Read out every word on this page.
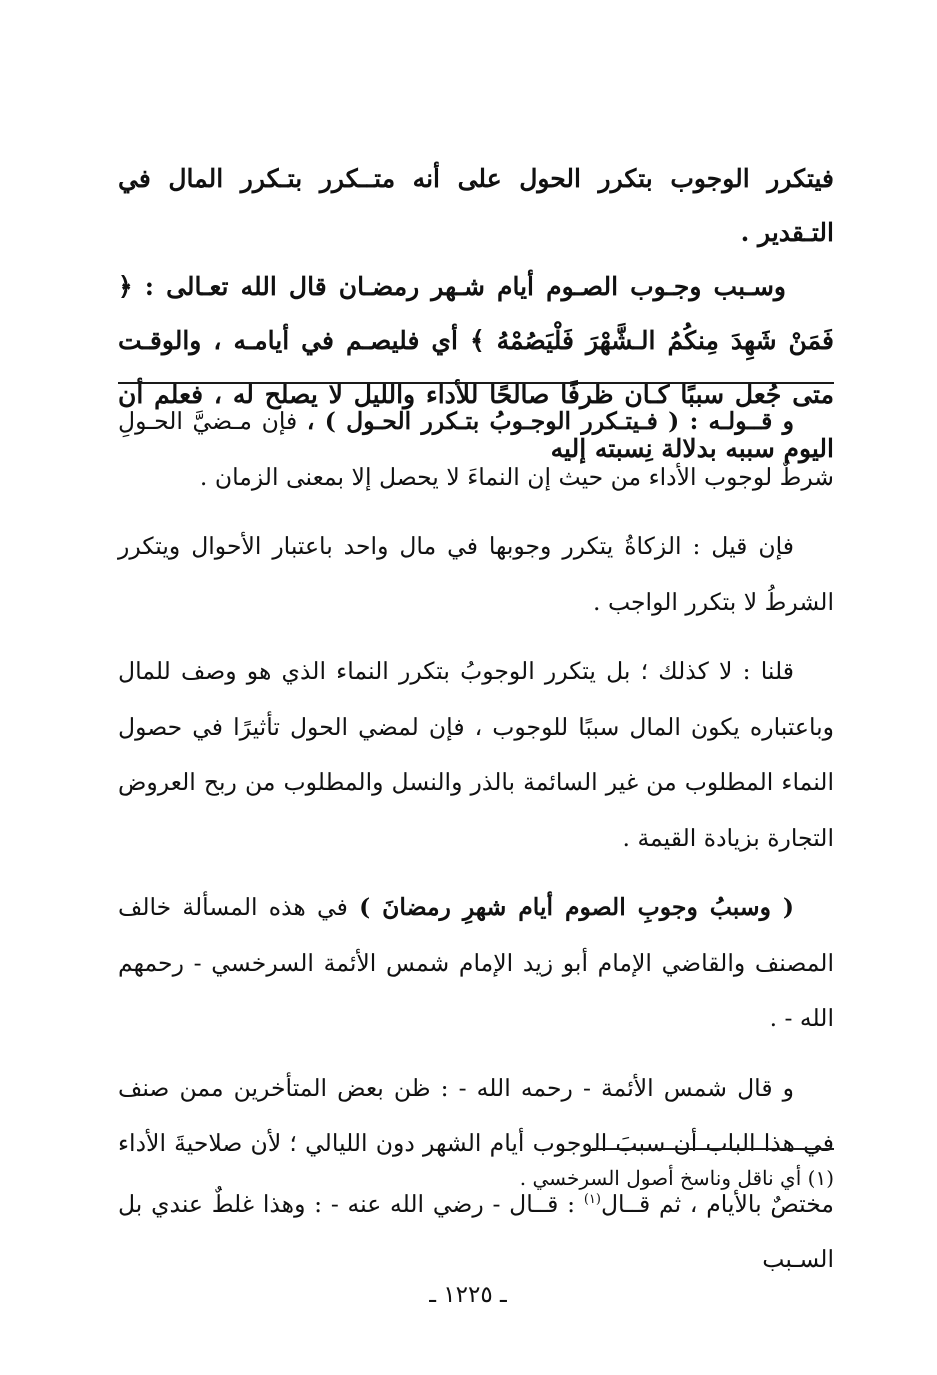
فيتكرر الوجوب بتكرر الحول على أنه متــكرر بتـكرر المال في التـقدير .

وسـبب وجـوب الصـوم أيام شـهر رمضـان قال الله تعـالى : ﴿ فَمَنْ شَهِدَ مِنكُمُ الـشَّهْرَ فَلْيَصُمْهُ ﴾ أي فليصـم في أيامـه ، والوقـت متى جُعل سببًا كـان ظرفًا صالحًا للأداء والليل لا يصلح له ، فعلم أن اليوم سببه بدلالة نِسبته إليه

و قــولـه : ( فـيتـكرر الوجـوبُ بتـكرر الحـول ) ، فإن مـضيَّ الحـولِ شرطٌ لوجوب الأداء من حيث إن النماءَ لا يحصل إلا بمعنى الزمان .

فإن قيل : الزكاةُ يتكرر وجوبها في مال واحد باعتبار الأحوال ويتكرر الشرطُ لا بتكرر الواجب .

قلنا : لا كذلك ؛ بل يتكرر الوجوبُ بتكرر النماء الذي هو وصف للمال وباعتباره يكون المال سببًا للوجوب ، فإن لمضي الحول تأثيرًا في حصول النماء المطلوب من غير السائمة بالذر والنسل والمطلوب من ربح العروض التجارة بزيادة القيمة .

( وسببُ وجوبِ الصوم أيام شهرِ رمضانَ ) في هذه المسألة خالف المصنف والقاضي الإمام أبو زيد الإمام شمس الأئمة السرخسي - رحمهم الله - .

و قال شمس الأئمة - رحمه الله - : ظن بعض المتأخرين ممن صنف في هذا الباب أن سببَ الوجوب أيام الشهر دون الليالي ؛ لأن صلاحيةَ الأداء مختصٌ بالأيام ، ثم قــال$^{(١)}$ : قــال - رضي الله عنه - : وهذا غلطٌ عندي بل السـبب

(١) أي ناقل وناسخ أصول السرخسي .
ـ ١٢٢٥ ـ
